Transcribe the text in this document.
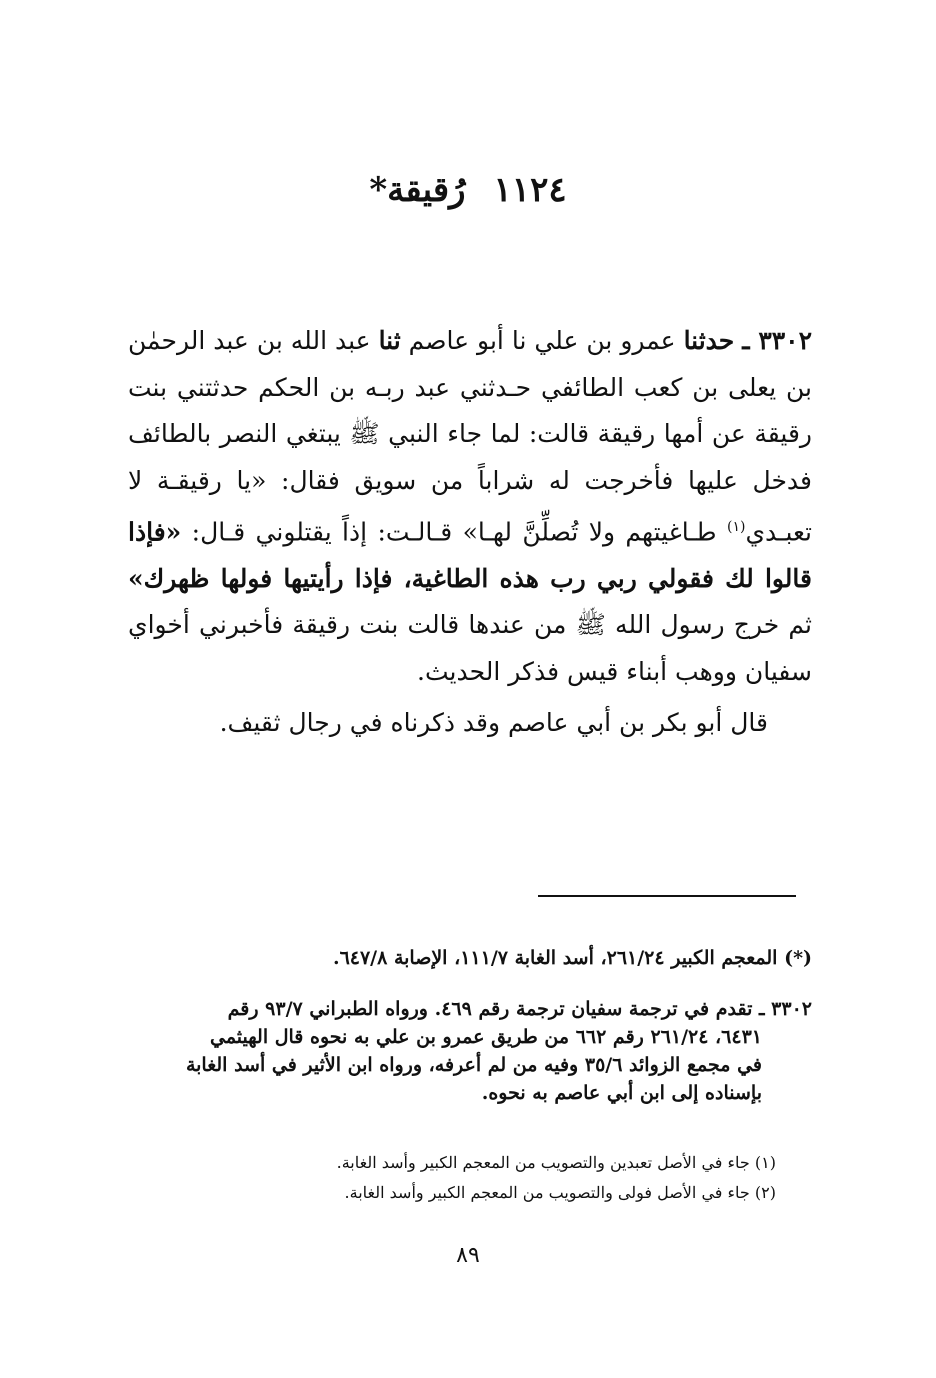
١١٢٤رُقيقة*

٣٣٠٢ ـ حدثنا عمرو بن علي نا أبو عاصم ثنا عبد الله بن عبد الرحمٰن بن يعلى بن كعب الطائفي حـدثني عبد ربـه بن الحكم حدثتني بنت رقيقة عن أمها رقيقة قالت: لما جاء النبي ﷺ يبتغي النصر بالطائف فدخل عليها فأخرجت له شراباً من سويق فقال: «يا رقيقـة لا تعبـدي$^{(١)}$ طـاغيتهم ولا تُصلِّنَّ لهـا» قـالـت: إذاً يقتلوني قـال: «فإذا قالوا لك فقولي ربي رب هذه الطاغية، فإذا رأيتيها فولها ظهرك» ثم خرج رسول الله ﷺ من عندها قالت بنت رقيقة فأخبرني أخواي سفيان ووهب أبناء قيس فذكر الحديث.

قال أبو بكر بن أبي عاصم وقد ذكرناه في رجال ثقيف.
(*) المعجم الكبير ٢٦١/٢٤، أسد الغابة ١١١/٧، الإصابة ٦٤٧/٨.
٣٣٠٢ ـ تقدم في ترجمة سفيان ترجمة رقم ٤٦٩. ورواه الطبراني ٩٣/٧ رقم
٦٤٣١، ٢٦١/٢٤ رقم ٦٦٢ من طريق عمرو بن علي به نحوه قال الهيثمي
في مجمع الزوائد ٣٥/٦ وفيه من لم أعرفه، ورواه ابن الأثير في أسد الغابة
بإسناده إلى ابن أبي عاصم به نحوه.
(١) جاء في الأصل تعبدين والتصويب من المعجم الكبير وأسد الغابة.
(٢) جاء في الأصل فولى والتصويب من المعجم الكبير وأسد الغابة.
٨٩
